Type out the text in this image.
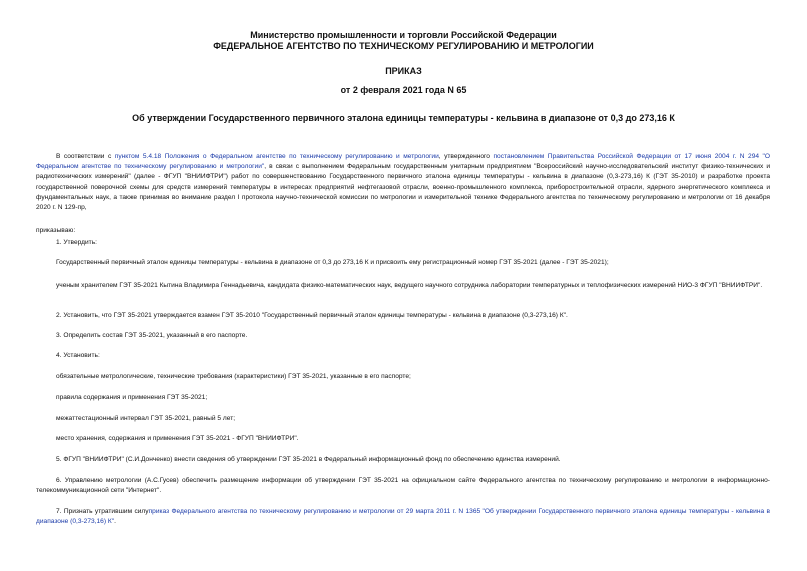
Министерство промышленности и торговли Российской Федерации
ФЕДЕРАЛЬНОЕ АГЕНТСТВО ПО ТЕХНИЧЕСКОМУ РЕГУЛИРОВАНИЮ И МЕТРОЛОГИИ
ПРИКАЗ
от 2 февраля 2021 года N 65
Об утверждении Государственного первичного эталона единицы температуры - кельвина в диапазоне от 0,3 до 273,16 К
В соответствии с пунктом 5.4.18 Положения о Федеральном агентстве по техническому регулированию и метрологии, утвержденного постановлением Правительства Российской Федерации от 17 июня 2004 г. N 294 "О Федеральном агентстве по техническому регулированию и метрологии", в связи с выполнением Федеральным государственным унитарным предприятием "Всероссийский научно-исследовательский институт физико-технических и радиотехнических измерений" (далее - ФГУП "ВНИИФТРИ") работ по совершенствованию Государственного первичного эталона единицы температуры - кельвина в диапазоне (0,3-273,16) К (ГЭТ 35-2010) и разработке проекта государственной поверочной схемы для средств измерений температуры в интересах предприятий нефтегазовой отрасли, военно-промышленного комплекса, приборостроительной отрасли, ядерного энергетического комплекса и фундаментальных наук, а также принимая во внимание раздел I протокола научно-технической комиссии по метрологии и измерительной технике Федерального агентства по техническому регулированию и метрологии от 16 декабря 2020 г. N 129-пр,
приказываю:
1. Утвердить:
Государственный первичный эталон единицы температуры - кельвина в диапазоне от 0,3 до 273,16 К и присвоить ему регистрационный номер ГЭТ 35-2021 (далее - ГЭТ 35-2021);
ученым хранителем ГЭТ 35-2021 Кытина Владимира Геннадьевича, кандидата физико-математических наук, ведущего научного сотрудника лаборатории температурных и теплофизических измерений НИО-3 ФГУП "ВНИИФТРИ".
2. Установить, что ГЭТ 35-2021 утверждается взамен ГЭТ 35-2010 "Государственный первичный эталон единицы температуры - кельвина в диапазоне (0,3-273,16) К".
3. Определить состав ГЭТ 35-2021, указанный в его паспорте.
4. Установить:
обязательные метрологические, технические требования (характеристики) ГЭТ 35-2021, указанные в его паспорте;
правила содержания и применения ГЭТ 35-2021;
межаттестационный интервал ГЭТ 35-2021, равный 5 лет;
место хранения, содержания и применения ГЭТ 35-2021 - ФГУП "ВНИИФТРИ".
5. ФГУП "ВНИИФТРИ" (С.И.Донченко) внести сведения об утверждении ГЭТ 35-2021 в Федеральный информационный фонд по обеспечению единства измерений.
6. Управлению метрологии (А.С.Гусев) обеспечить размещение информации об утверждении ГЭТ 35-2021 на официальном сайте Федерального агентства по техническому регулированию и метрологии в информационно-телекоммуникационной сети "Интернет".
7. Признать утратившим силуприказ Федерального агентства по техническому регулированию и метрологии от 29 марта 2011 г. N 1365 "Об утверждении Государственного первичного эталона единицы температуры - кельвина в диапазоне (0,3-273,16) К".
